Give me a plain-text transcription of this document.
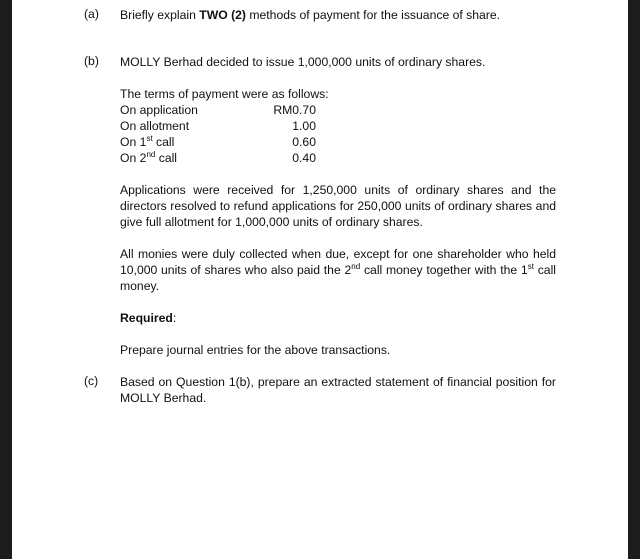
(a) Briefly explain TWO (2) methods of payment for the issuance of share.
(b) MOLLY Berhad decided to issue 1,000,000 units of ordinary shares.
The terms of payment were as follows:
On application	RM0.70
On allotment	1.00
On 1st call	0.60
On 2nd call	0.40
Applications were received for 1,250,000 units of ordinary shares and the directors resolved to refund applications for 250,000 units of ordinary shares and give full allotment for 1,000,000 units of ordinary shares.
All monies were duly collected when due, except for one shareholder who held 10,000 units of shares who also paid the 2nd call money together with the 1st call money.
Required:
Prepare journal entries for the above transactions.
(c) Based on Question 1(b), prepare an extracted statement of financial position for MOLLY Berhad.
